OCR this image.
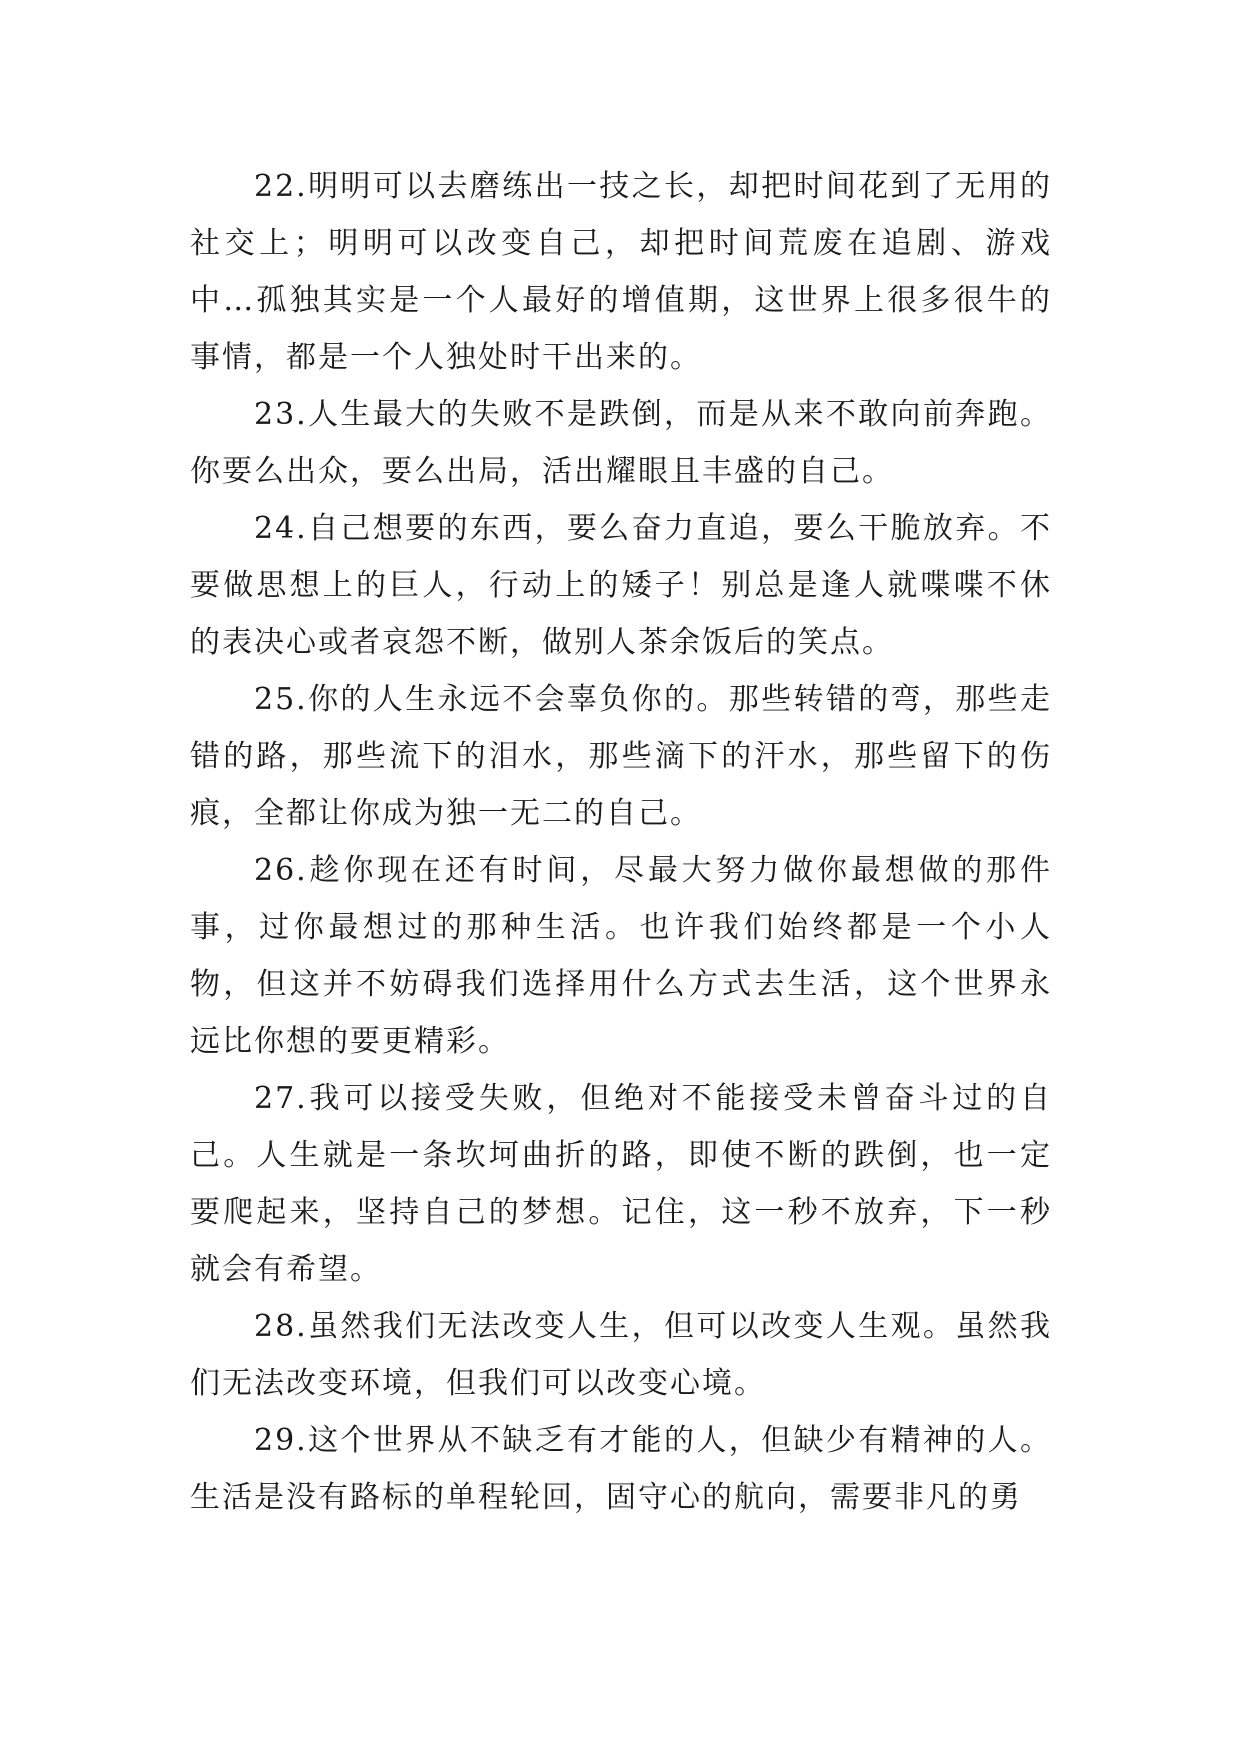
22.明明可以去磨练出一技之长，却把时间花到了无用的社交上；明明可以改变自己，却把时间荒废在追剧、游戏中…孤独其实是一个人最好的增值期，这世界上很多很牛的事情，都是一个人独处时干出来的。

23.人生最大的失败不是跌倒，而是从来不敢向前奔跑。你要么出众，要么出局，活出耀眼且丰盛的自己。

24.自己想要的东西，要么奋力直追，要么干脆放弃。不要做思想上的巨人，行动上的矮子！别总是逢人就喋喋不休的表决心或者哀怨不断，做别人茶余饭后的笑点。

25.你的人生永远不会辜负你的。那些转错的弯，那些走错的路，那些流下的泪水，那些滴下的汗水，那些留下的伤痕，全都让你成为独一无二的自己。

26.趁你现在还有时间，尽最大努力做你最想做的那件事，过你最想过的那种生活。也许我们始终都是一个小人物，但这并不妨碍我们选择用什么方式去生活，这个世界永远比你想的要更精彩。

27.我可以接受失败，但绝对不能接受未曾奋斗过的自己。人生就是一条坎坷曲折的路，即使不断的跌倒，也一定要爬起来，坚持自己的梦想。记住，这一秒不放弃，下一秒就会有希望。

28.虽然我们无法改变人生，但可以改变人生观。虽然我们无法改变环境，但我们可以改变心境。

29.这个世界从不缺乏有才能的人，但缺少有精神的人。生活是没有路标的单程轮回，固守心的航向，需要非凡的勇
